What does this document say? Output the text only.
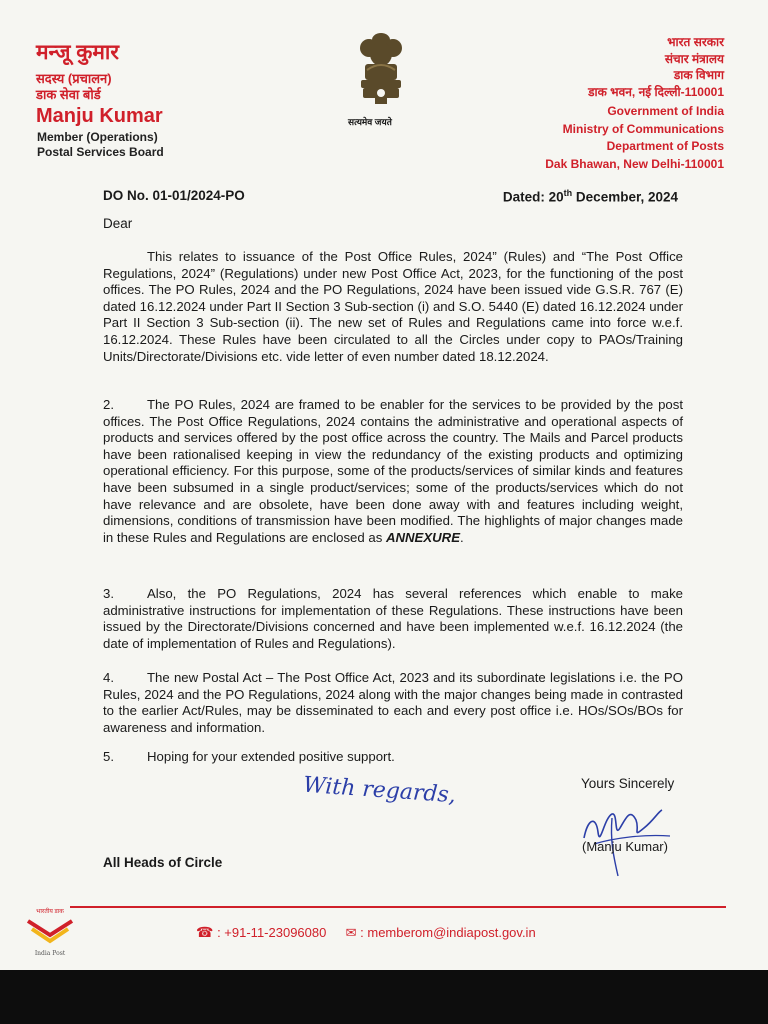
मन्जू कुमार
सदस्य (प्रचालन)
डाक सेवा बोर्ड
Manju Kumar
Member (Operations)
Postal Services Board
सत्यमेव जयते
भारत सरकार
संचार मंत्रालय
डाक विभाग
डाक भवन, नई दिल्ली-110001
Government of India
Ministry of Communications
Department of Posts
Dak Bhawan, New Delhi-110001
DO No. 01-01/2024-PO	Dated: 20th December, 2024
Dear

This relates to issuance of the Post Office Rules, 2024” (Rules) and “The Post Office Regulations, 2024” (Regulations) under new Post Office Act, 2023, for the functioning of the post offices. The PO Rules, 2024 and the PO Regulations, 2024 have been issued vide G.S.R. 767 (E) dated 16.12.2024 under Part II Section 3 Sub-section (i) and S.O. 5440 (E) dated 16.12.2024 under Part II Section 3 Sub-section (ii). The new set of Rules and Regulations came into force w.e.f. 16.12.2024. These Rules have been circulated to all the Circles under copy to PAOs/Training Units/Directorate/Divisions etc. vide letter of even number dated 18.12.2024.

2.	The PO Rules, 2024 are framed to be enabler for the services to be provided by the post offices. The Post Office Regulations, 2024 contains the administrative and operational aspects of products and services offered by the post office across the country. The Mails and Parcel products have been rationalised keeping in view the redundancy of the existing products and optimizing operational efficiency. For this purpose, some of the products/services of similar kinds and features have been subsumed in a single product/services; some of the products/services which do not have relevance and are obsolete, have been done away with and features including weight, dimensions, conditions of transmission have been modified. The highlights of major changes made in these Rules and Regulations are enclosed as ANNEXURE.

3.	Also, the PO Regulations, 2024 has several references which enable to make administrative instructions for implementation of these Regulations. These instructions have been issued by the Directorate/Divisions concerned and have been implemented w.e.f. 16.12.2024 (the date of implementation of Rules and Regulations).

4.	The new Postal Act – The Post Office Act, 2023 and its subordinate legislations i.e. the PO Rules, 2024 and the PO Regulations, 2024 along with the major changes being made in contrasted to the earlier Act/Rules, may be disseminated to each and every post office i.e. HOs/SOs/BOs for awareness and information.

5.	Hoping for your extended positive support.

With regards,	Yours Sincerely
(Manju Kumar)
All Heads of Circle
भारतीय डाक
India Post
☎ : +91-11-23096080 ✉ : memberom@indiapost.gov.in
